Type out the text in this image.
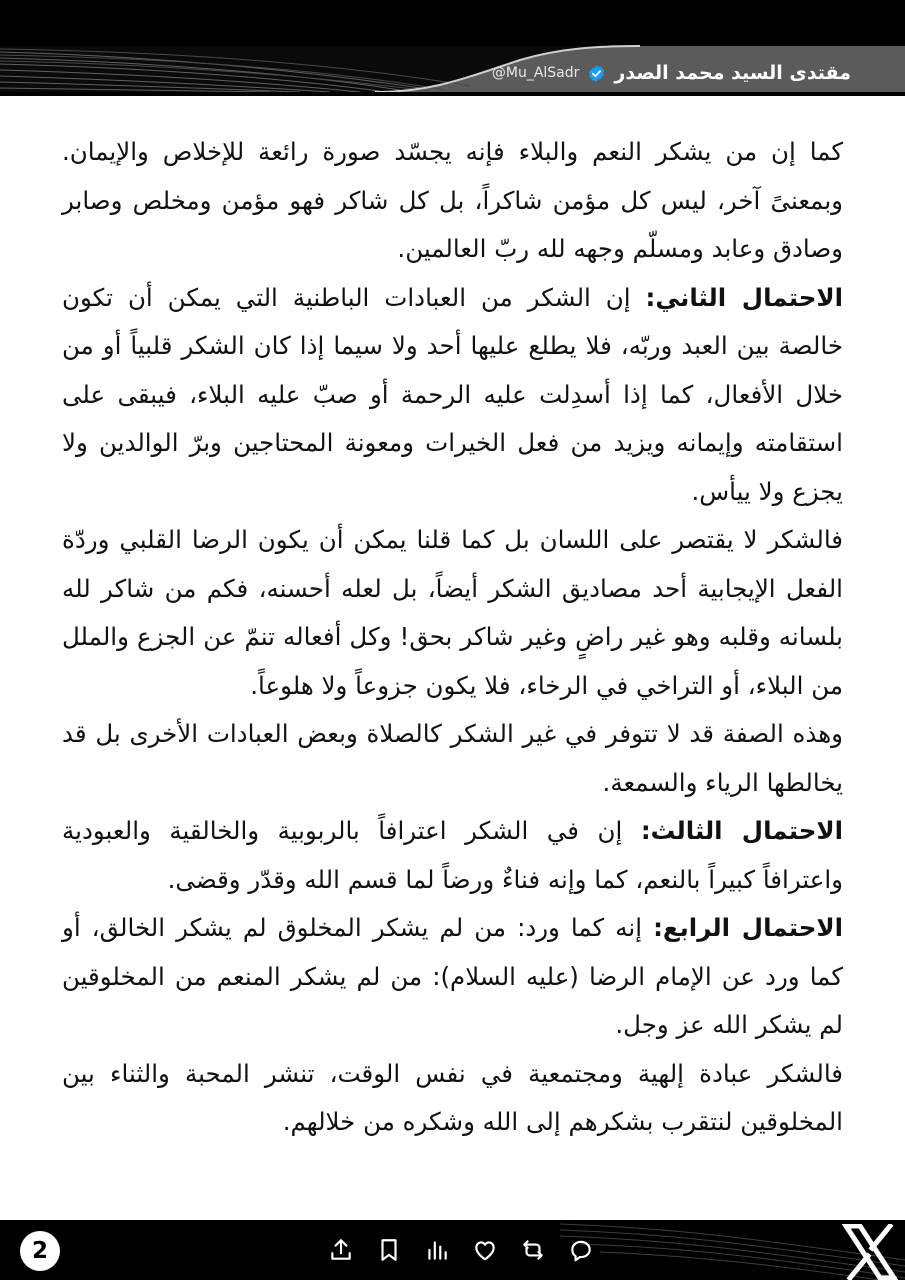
@Mu_AlSadr مقتدى السيد محمد الصدر

كما إن من يشكر النعم والبلاء فإنه يجسّد صورة رائعة للإخلاص والإيمان. وبمعنىً آخر، ليس كل مؤمن شاكراً، بل كل شاكر فهو مؤمن ومخلص وصابر وصادق وعابد ومسلّم وجهه لله ربّ العالمين.

الاحتمال الثاني: إن الشكر من العبادات الباطنية التي يمكن أن تكون خالصة بين العبد وربّه، فلا يطلع عليها أحد ولا سيما إذا كان الشكر قلبياً أو من خلال الأفعال، كما إذا أسدِلت عليه الرحمة أو صبّ عليه البلاء، فيبقى على استقامته وإيمانه ويزيد من فعل الخيرات ومعونة المحتاجين وبرّ الوالدين ولا يجزع ولا ييأس.

فالشكر لا يقتصر على اللسان بل كما قلنا يمكن أن يكون الرضا القلبي وردّة الفعل الإيجابية أحد مصاديق الشكر أيضاً، بل لعله أحسنه، فكم من شاكر لله بلسانه وقلبه وهو غير راضٍ وغير شاكر بحق! وكل أفعاله تنمّ عن الجزع والملل من البلاء، أو التراخي في الرخاء، فلا يكون جزوعاً ولا هلوعاً.

وهذه الصفة قد لا تتوفر في غير الشكر كالصلاة وبعض العبادات الأخرى بل قد يخالطها الرياء والسمعة.

الاحتمال الثالث: إن في الشكر اعترافاً بالربوبية والخالقية والعبودية واعترافاً كبيراً بالنعم، كما وإنه فناءٌ ورضاً لما قسم الله وقدّر وقضى.

الاحتمال الرابع: إنه كما ورد: من لم يشكر المخلوق لم يشكر الخالق، أو كما ورد عن الإمام الرضا (عليه السلام): من لم يشكر المنعم من المخلوقين لم يشكر الله عز وجل.

فالشكر عبادة إلهية ومجتمعية في نفس الوقت، تنشر المحبة والثناء بين المخلوقين لنتقرب بشكرهم إلى الله وشكره من خلالهم.

2
